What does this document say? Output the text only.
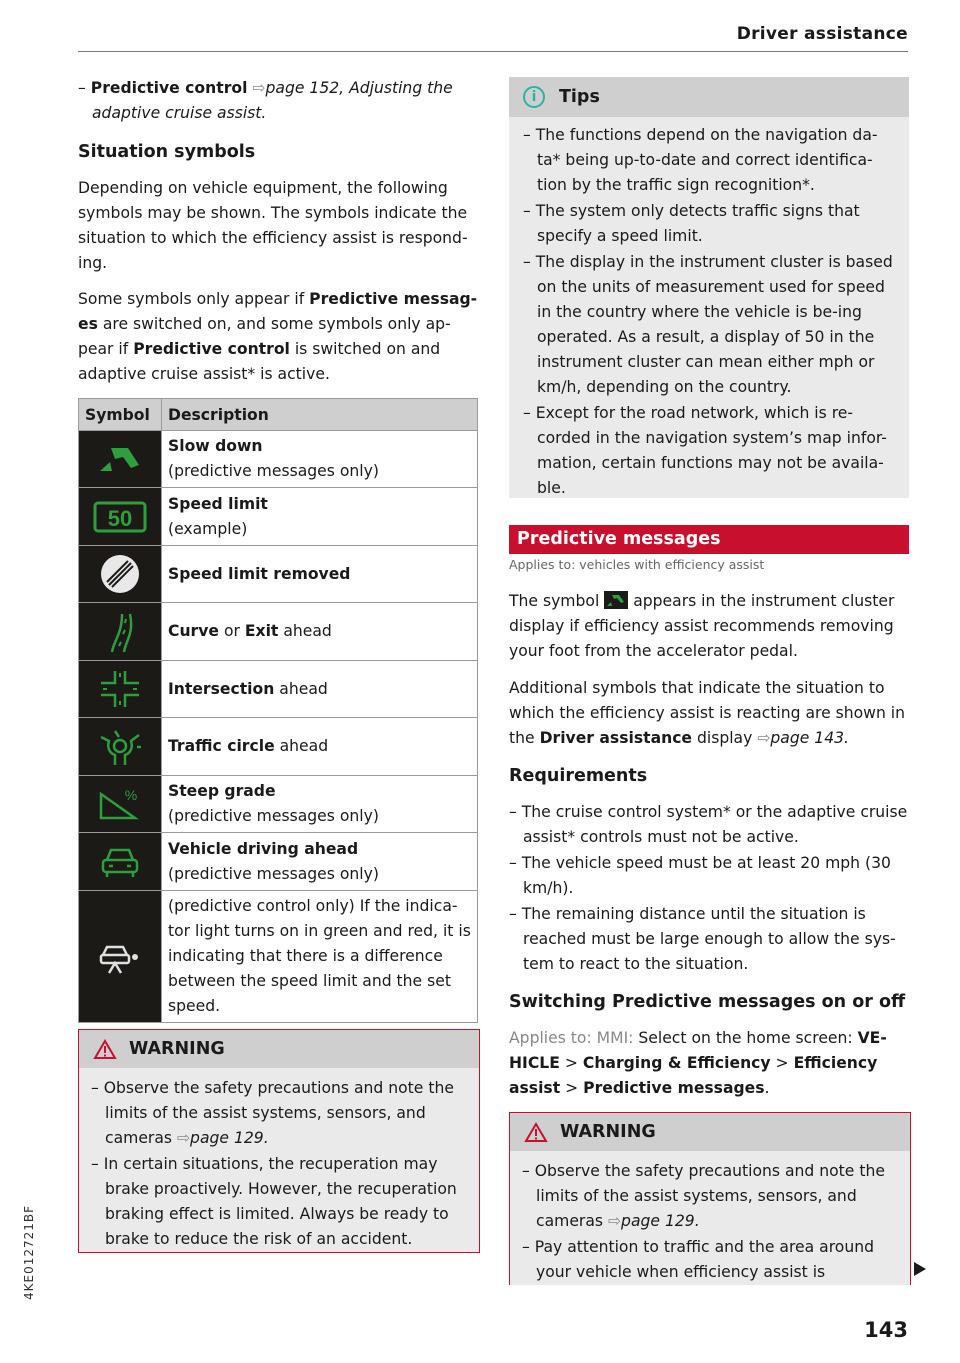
Driver assistance
4KE012721BF

– Predictive control ⇨page 152, Adjusting the adaptive cruise assist.

Situation symbols

Depending on vehicle equipment, the following symbols may be shown. The symbols indicate the situation to which the efficiency assist is respond-ing.

Some symbols only appear if Predictive messag-es are switched on, and some symbols only ap-pear if Predictive control is switched on and adaptive cruise assist* is active.

Symbol	Description

Slow down
(predictive messages only)

50	Speed limit
(example)

Speed limit removed

	Curve or Exit ahead

	Intersection ahead

	Traffic circle ahead

%	Steep grade
(predictive messages only)

Vehicle driving ahead
(predictive messages only)

(predictive control only) If the indica-tor light turns on in green and red, it is indicating that there is a difference between the speed limit and the set speed.
WARNING

– Observe the safety precautions and note the limits of the assist systems, sensors, and cameras ⇨page 129.

– In certain situations, the recuperation may brake proactively. However, the recuperation braking effect is limited. Always be ready to brake to reduce the risk of an accident.

i	Tips

– The functions depend on the navigation da-ta* being up-to-date and correct identifica-tion by the traffic sign recognition*.

– The system only detects traffic signs that specify a speed limit.

– The display in the instrument cluster is based on the units of measurement used for speed in the country where the vehicle is be-ing operated. As a result, a display of 50 in the instrument cluster can mean either mph or km/h, depending on the country.

– Except for the road network, which is re-corded in the navigation system’s map infor-mation, certain functions may not be availa-ble.

Predictive messages
Applies to: vehicles with efficiency assist

The symbol  appears in the instrument cluster display if efficiency assist recommends removing your foot from the accelerator pedal.

Additional symbols that indicate the situation to which the efficiency assist is reacting are shown in the Driver assistance display ⇨page 143.

Requirements

– The cruise control system* or the adaptive cruise assist* controls must not be active.

– The vehicle speed must be at least 20 mph (30 km/h).

– The remaining distance until the situation is reached must be large enough to allow the sys-tem to react to the situation.

Switching Predictive messages on or off

Applies to: MMI: Select on the home screen: VE-HICLE > Charging & Efficiency > Efficiency assist > Predictive messages.

WARNING

– Observe the safety precautions and note the limits of the assist systems, sensors, and cameras ⇨page 129.

– Pay attention to traffic and the area around your vehicle when efficiency assist is

143
